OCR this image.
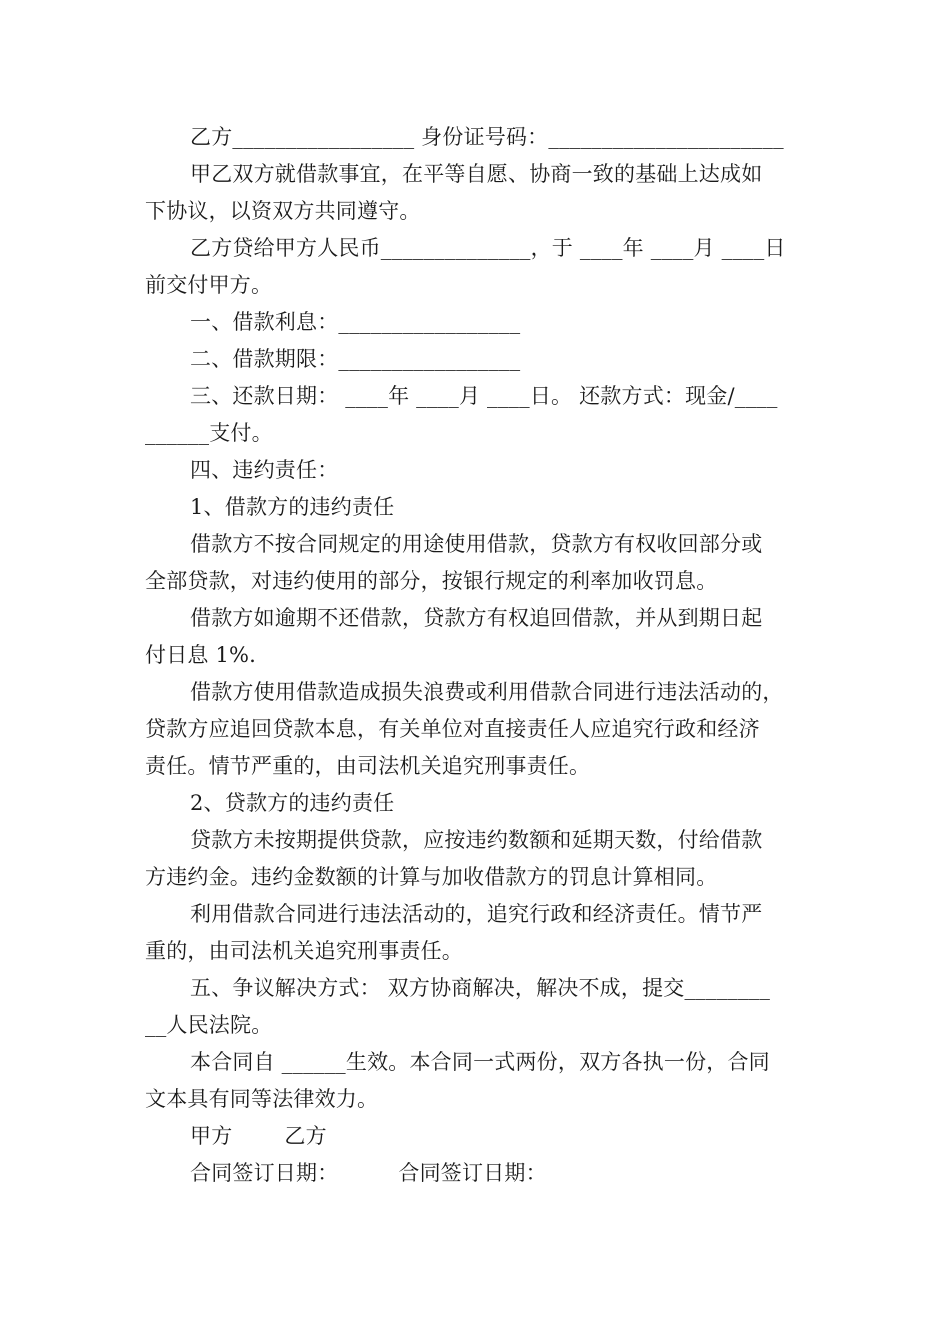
乙方_________________ 身份证号码：______________________
甲乙双方就借款事宜，在平等自愿、协商一致的基础上达成如
下协议，以资双方共同遵守。
乙方贷给甲方人民币______________，于 ____年 ____月 ____日
前交付甲方。
一、借款利息：_________________
二、借款期限：_________________
三、还款日期： ____年 ____月 ____日。 还款方式：现金/____
______支付。
四、违约责任：
1、借款方的违约责任
借款方不按合同规定的用途使用借款，贷款方有权收回部分或
全部贷款，对违约使用的部分，按银行规定的利率加收罚息。
借款方如逾期不还借款，贷款方有权追回借款，并从到期日起
付日息 1%．
借款方使用借款造成损失浪费或利用借款合同进行违法活动的，
贷款方应追回贷款本息，有关单位对直接责任人应追究行政和经济
责任。情节严重的，由司法机关追究刑事责任。
2、贷款方的违约责任
贷款方未按期提供贷款，应按违约数额和延期天数，付给借款
方违约金。违约金数额的计算与加收借款方的罚息计算相同。
利用借款合同进行违法活动的，追究行政和经济责任。情节严
重的，由司法机关追究刑事责任。
五、争议解决方式： 双方协商解决，解决不成，提交________
__人民法院。
本合同自 ______生效。本合同一式两份，双方各执一份，合同
文本具有同等法律效力。
甲方 乙方
合同签订日期：	合同签订日期：
